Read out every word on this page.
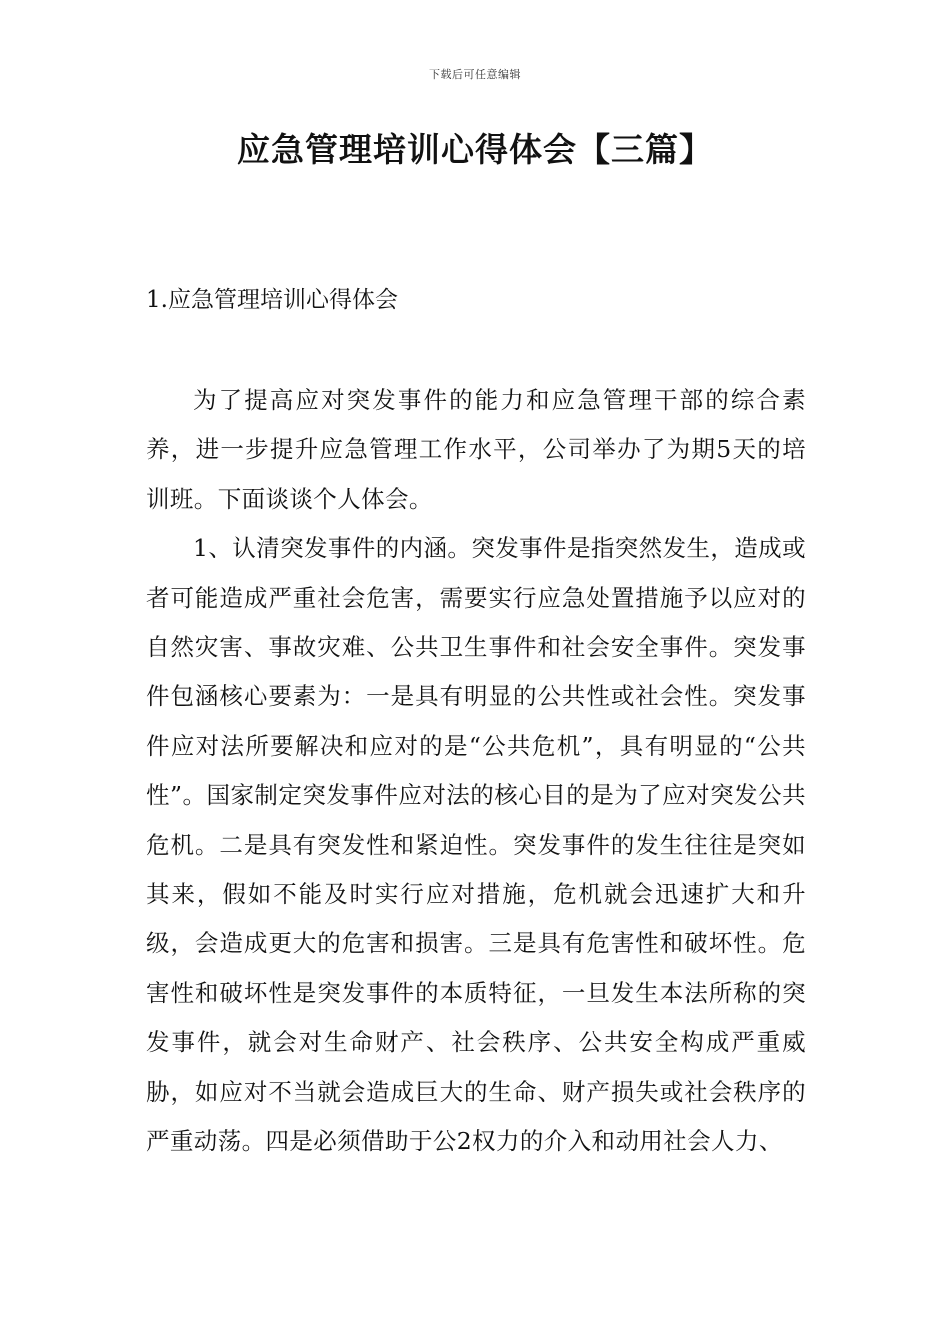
下载后可任意编辑
应急管理培训心得体会【三篇】
1.应急管理培训心得体会

为了提高应对突发事件的能力和应急管理干部的综合素养，进一步提升应急管理工作水平，公司举办了为期5天的培训班。下面谈谈个人体会。

1、认清突发事件的内涵。突发事件是指突然发生，造成或者可能造成严重社会危害，需要实行应急处置措施予以应对的自然灾害、事故灾难、公共卫生事件和社会安全事件。突发事件包涵核心要素为：一是具有明显的公共性或社会性。突发事件应对法所要解决和应对的是“公共危机”，具有明显的“公共性”。国家制定突发事件应对法的核心目的是为了应对突发公共危机。二是具有突发性和紧迫性。突发事件的发生往往是突如其来，假如不能及时实行应对措施，危机就会迅速扩大和升级，会造成更大的危害和损害。三是具有危害性和破坏性。危害性和破坏性是突发事件的本质特征，一旦发生本法所称的突发事件，就会对生命财产、社会秩序、公共安全构成严重威胁，如应对不当就会造成巨大的生命、财产损失或社会秩序的严重动荡。四是必须借助于公2权力的介入和动用社会人力、
